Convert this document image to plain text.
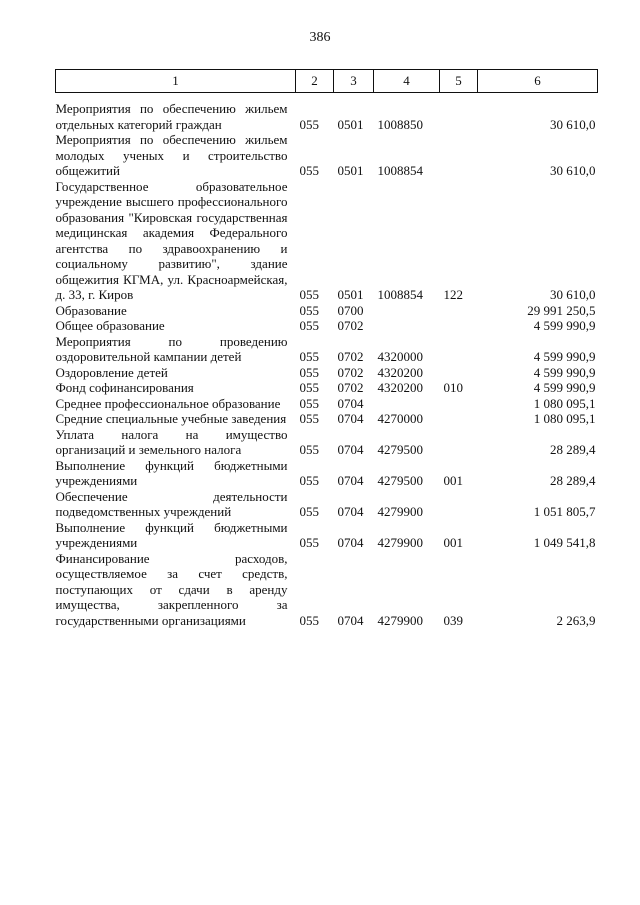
386
1	2	3	4	5	6

Мероприятия по обеспечению жильем отдельных категорий граждан	055	0501	1008850		30 610,0
Мероприятия по обеспечению жильем молодых ученых и строительство общежитий	055	0501	1008854		30 610,0
Государственное образовательное учреждение высшего профессионального образования "Кировская государственная медицинская академия Федерального агентства по здравоохранению и социальному развитию", здание общежития КГМА, ул. Красноармейская, д. 33, г. Киров	055	0501	1008854	122	30 610,0
Образование	055	0700			29 991 250,5
Общее образование	055	0702			4 599 990,9
Мероприятия по проведению оздоровительной кампании детей	055	0702	4320000		4 599 990,9
Оздоровление детей	055	0702	4320200		4 599 990,9
Фонд софинансирования	055	0702	4320200	010	4 599 990,9
Среднее профессиональное образование	055	0704			1 080 095,1
Средние специальные учебные заведения	055	0704	4270000		1 080 095,1
Уплата налога на имущество организаций и земельного налога	055	0704	4279500		28 289,4
Выполнение функций бюджетными учреждениями	055	0704	4279500	001	28 289,4
Обеспечение деятельности подведомственных учреждений	055	0704	4279900		1 051 805,7
Выполнение функций бюджетными учреждениями	055	0704	4279900	001	1 049 541,8
Финансирование расходов, осуществляемое за счет средств, поступающих от сдачи в аренду имущества, закрепленного за государственными организациями	055	0704	4279900	039	2 263,9
